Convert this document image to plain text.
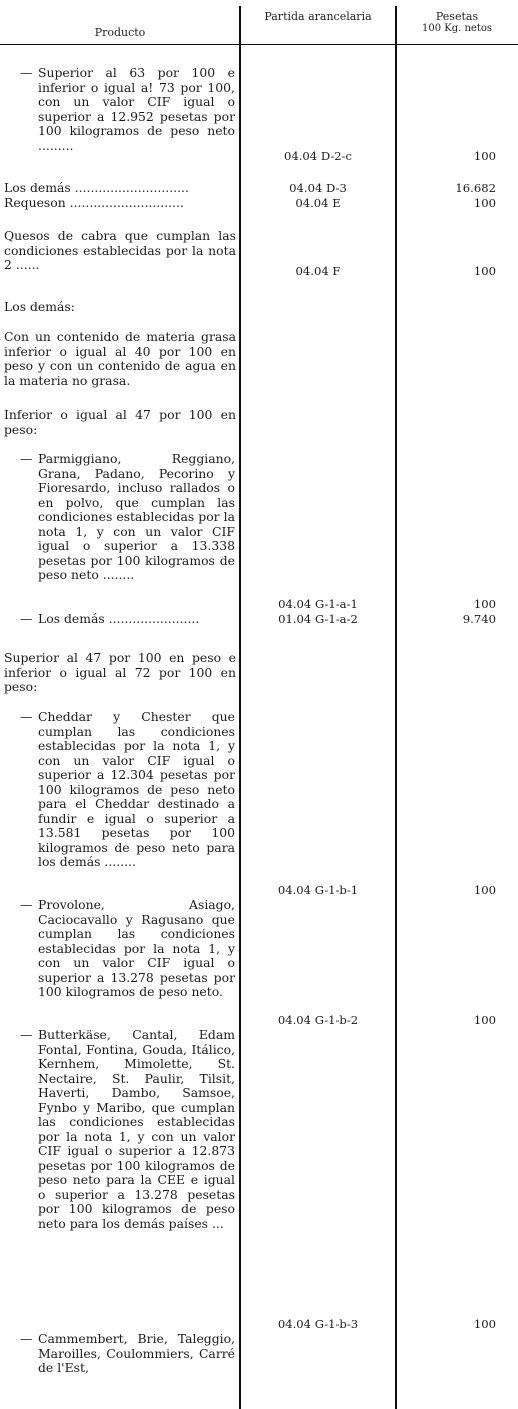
Producto
Partida arancelaria	Pesetas
100 Kg. netos
— Superior al 63 por 100 e inferior o igual a! 73 por 100, con un valor CIF igual o superior a 12.952 pesetas por 100 kilogramos de peso neto .........
04.04 D-2-c	100
Los demás .............................	04.04 D-3	16.682
Requeson .............................	04.04 E	100
Quesos de cabra que cumplan las condiciones establecidas por la nota 2 ......	04.04 F	100
Los demás:
Con un contenido de materia grasa inferior o igual al 40 por 100 en peso y con un contenido de agua en la materia no grasa.
Inferior o igual al 47 por 100 en peso:
— Parmiggiano, Reggiano, Grana, Padano, Pecorino y Fioresardo, incluso rallados o en polvo, que cumplan las condiciones establecidas por la nota 1, y con un valor CIF igual o superior a 13.338 pesetas por 100 kilogramos de peso neto ........
04.04 G-1-a-1	100
— Los demás .......................	01.04 G-1-a-2	9.740
Superior al 47 por 100 en peso e inferior o igual al 72 por 100 en peso:
— Cheddar y Chester que cumplan las condiciones establecidas por la nota 1, y con un valor CIF igual o superior a 12.304 pesetas por 100 kilogramos de peso neto para el Cheddar destinado a fundir e igual o superior a 13.581 pesetas por 100 kilogramos de peso neto para los demás ........
04.04 G-1-b-1	100
— Provolone, Asiago, Caciocavallo y Ragusano que cumplan las condiciones establecidas por la nota 1, y con un valor CIF igual o superior a 13.278 pesetas por 100 kilogramos de peso neto.
04.04 G-1-b-2	100
— Butterkäse, Cantal, Edam Fontal, Fontina, Gouda, Itálico, Kernhem, Mimolette, St. Nectaire, St. Paulir, Tilsit, Haverti, Dambo, Samsoe, Fynbo y Maribo, que cumplan las condiciones establecidas por la nota 1, y con un valor CIF igual o superior a 12.873 pesetas por 100 kilogramos de peso neto para la CEE e igual o superior a 13.278 pesetas por 100 kilogramos de peso neto para los demás países ...
04.04 G-1-b-3	100
— Cammembert, Brie, Taleggio, Maroilles, Coulommiers, Carré de l'Est,
